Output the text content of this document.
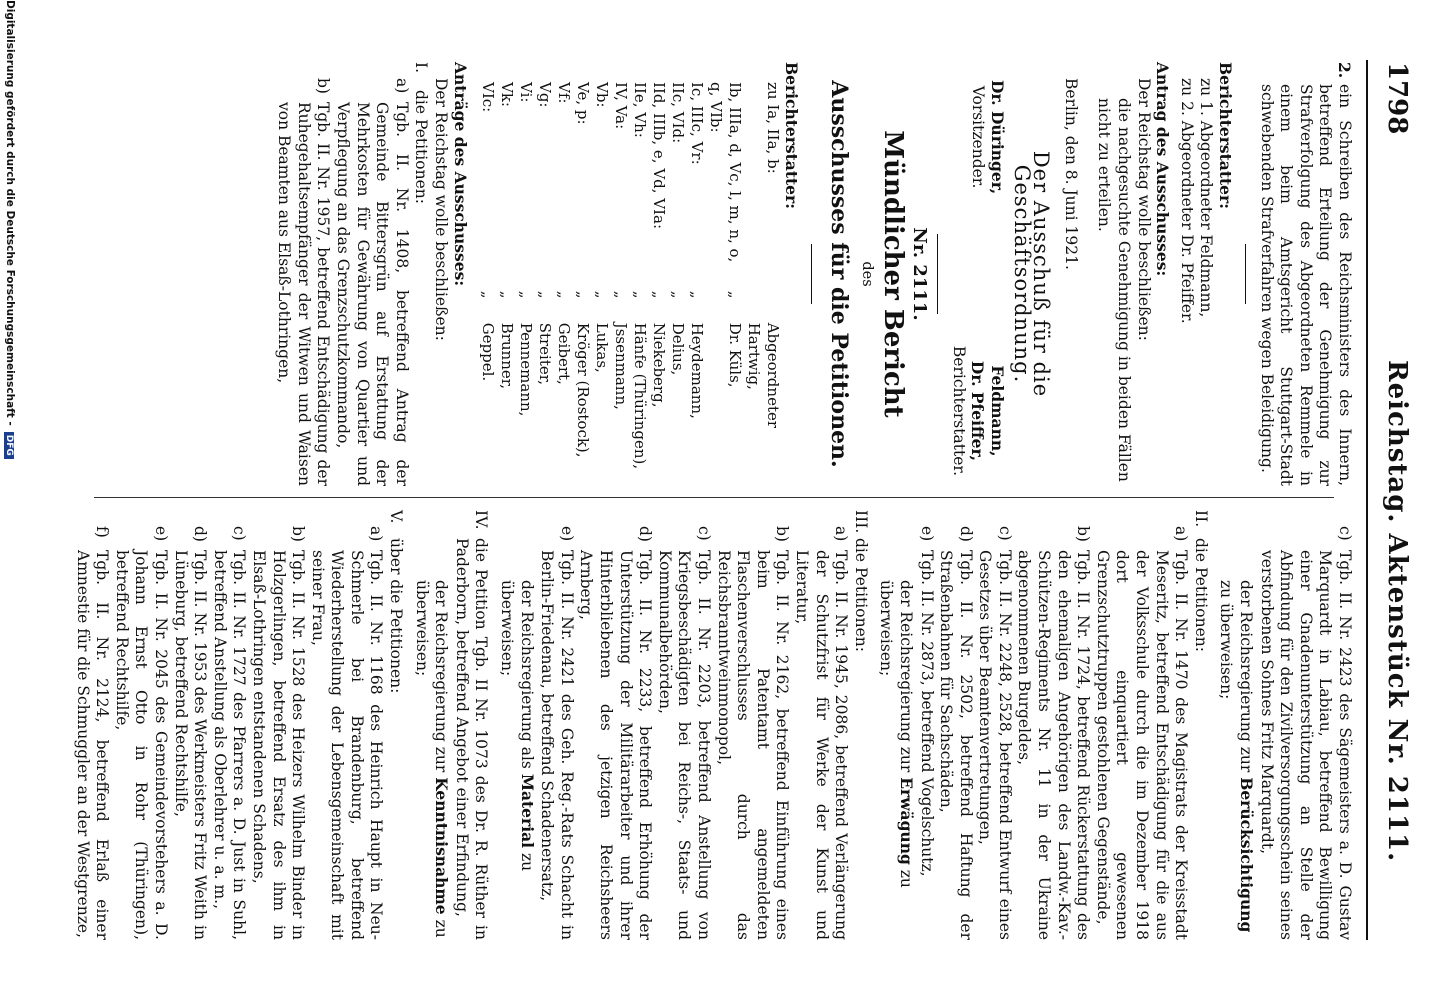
1798
Reichstag. Aktenstück Nr. 2111.
2.
ein Schreiben des Reichsministers des Innern, betreffend Erteilung der Genehmigung zur Strafverfolgung des Abgeordneten Remmele in einem beim Amtsgericht Stuttgart-Stadt schwebenden Strafverfahren wegen Beleidigung.
Berichterstatter:
zu 1. Abgeordneter Feldmann,
zu 2. Abgeordneter Dr. Pfeiffer.
Antrag des Ausschusses:
Der Reichstag wolle beschließen:
die nachgesuchte Genehmigung in beiden Fällen nicht zu erteilen.
Berlin, den 8. Juni 1921.
Der Ausschuß für die Geschäftsordnung.
Dr. Düringer,
Vorsitzender.
Feldmann,
Dr. Pfeiffer,
Berichterstatter.
Nr. 2111.
Mündlicher Bericht
des
Ausschusses für die Petitionen.
Berichterstatter:
zu Ia, IIa, b:		Abgeordneter Hartwig,
Ib, IIIa, d, Vc, l, m, n, o, q, VIb:	„	Dr. Küls,
Ic, IIIc, Vr:	„	Heydemann,
IIc, VId:	„	Delius,
IId, IIIb, e, Vd, VIa:	„	Niekeberg,
IIe, Vh:	„	Hänfe (Thüringen),
IV, Va:	„	Jssenmann,
Vb:	„	Lukas,
Ve, p:	„	Kröger (Rostock),
Vf:	„	Geibert,
Vg:	„	Streiter,
Vi:	„	Pennemann,
Vk:	„	Brunner,
VIc:	„	Geppel.
Anträge des Ausschusses:
Der Reichstag wolle beschließen:
I.
die Petitionen:
a)
Tgb. II. Nr. 1408, betreffend Antrag der Gemeinde Bittersgrün auf Erstattung der Mehrkosten für Gewährung von Quartier und Verpflegung an das Grenzschutzkommando,
b)
Tgb. II. Nr. 1957, betreffend Entschädigung der Ruhegehaltsempfänger der Witwen und Waisen von Beamten aus Elsaß-Lothringen,
c)
Tgb. II. Nr. 2423 des Sägemeisters a. D. Gustav Marquardt in Labiau, betreffend Bewilligung einer Gnadenunterstützung an Stelle der Abfindung für den Zivilversorgungsschein seines verstorbenen Sohnes Fritz Marquardt,
der Reichsregierung zur Berücksichtigung zu überweisen;
II.
die Petitionen:
a)
Tgb. II. Nr. 1470 des Magistrats der Kreisstadt Meseritz, betreffend Entschädigung für die aus der Volksschule durch die im Dezember 1918 dort einquartiert gewesenen Grenzschutztruppen gestohlenen Gegenstände,
b)
Tgb. II. Nr. 1724, betreffend Rückerstattung des den ehemaligen Angehörigen des Landw.-Kav.-Schützen-Regiments Nr. 11 in der Ukraine abgenommenen Burgeldes,
c)
Tgb. II. Nr. 2248, 2528, betreffend Entwurf eines Gesetzes über Beamtenvertretungen,
d)
Tgb. II. Nr. 2502, betreffend Haftung der Straßenbahnen für Sachschäden,
e)
Tgb. II. Nr. 2873, betreffend Vogelschutz,
der Reichsregierung zur Erwägung zu überweisen;
III.
die Petitionen:
a)
Tgb. II. Nr. 1945, 2086, betreffend Verlängerung der Schutzfrist für Werke der Kunst und Literatur,
b)
Tgb. II. Nr. 2162, betreffend Einführung eines beim Patentamt angemeldeten Flaschenverschlusses durch das Reichsbranntweinmonopol,
c)
Tgb. II. Nr. 2203, betreffend Anstellung von Kriegsbeschädigten bei Reichs-, Staats- und Kommunalbehörden,
d)
Tgb. II. Nr. 2233, betreffend Erhöhung der Unterstützung der Militärarbeiter und ihrer Hinterbliebenen des jetzigen Reichsheers Arnberg,
e)
Tgb. II. Nr. 2421 des Geh. Reg.-Rats Schacht in Berlin-Friedenau, betreffend Schadenersatz,
der Reichsregierung als Material zu überweisen;
IV.
die Petition Tgb. II Nr. 1073 des Dr. R. Rüther in Paderborn, betreffend Angebot einer Erfindung,
der Reichsregierung zur Kenntnisnahme zu überweisen;
V.
über die Petitionen:
a)
Tgb. II. Nr. 1168 des Heinrich Haupt in Neu-Schmerle bei Brandenburg, betreffend Wiederherstellung der Lebensgemeinschaft mit seiner Frau,
b)
Tgb. II. Nr. 1528 des Heizers Wilhelm Binder in Holzgerlingen, betreffend Ersatz des ihm in Elsaß-Lothringen entstandenen Schadens,
c)
Tgb. II. Nr. 1727 des Pfarrers a. D. Just in Suhl, betreffend Anstellung als Oberlehrer u. a. m.,
d)
Tgb. II. Nr. 1953 des Werkmeisters Fritz Weith in Lüneburg, betreffend Rechtshilfe,
e)
Tgb. II. Nr. 2045 des Gemeindevorstehers a. D. Johann Ernst Otto in Rohr (Thüringen), betreffend Rechtshilfe,
f)
Tgb. II. Nr. 2124, betreffend Erlaß einer Amnestie für die Schmuggler an der Westgrenze,
Digitalisierung gefördert durch die Deutsche Forschungsgemeinschaft -DFG
